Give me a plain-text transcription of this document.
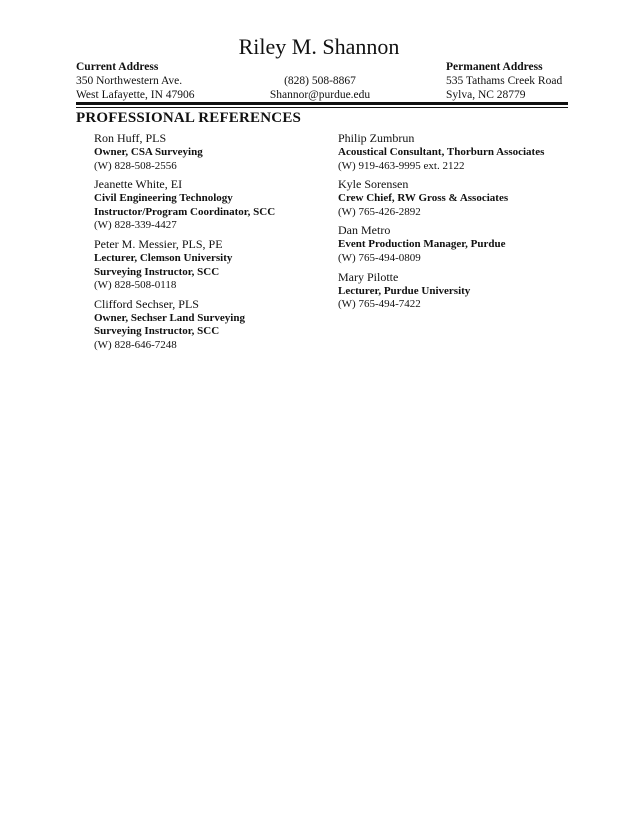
Riley M. Shannon
Current Address
350 Northwestern Ave.
West Lafayette, IN 47906
(828) 508-8867
Shannor@purdue.edu
Permanent Address
535 Tathams Creek Road
Sylva, NC 28779
PROFESSIONAL REFERENCES
Ron Huff, PLS
Owner, CSA Surveying
(W) 828-508-2556
Jeanette White, EI
Civil Engineering Technology
Instructor/Program Coordinator, SCC
(W) 828-339-4427
Peter M. Messier, PLS, PE
Lecturer, Clemson University
Surveying Instructor, SCC
(W) 828-508-0118
Clifford Sechser, PLS
Owner, Sechser Land Surveying
Surveying Instructor, SCC
(W) 828-646-7248
Philip Zumbrun
Acoustical Consultant, Thorburn Associates
(W) 919-463-9995 ext. 2122
Kyle Sorensen
Crew Chief, RW Gross & Associates
(W) 765-426-2892
Dan Metro
Event Production Manager, Purdue
(W) 765-494-0809
Mary Pilotte
Lecturer, Purdue University
(W) 765-494-7422
